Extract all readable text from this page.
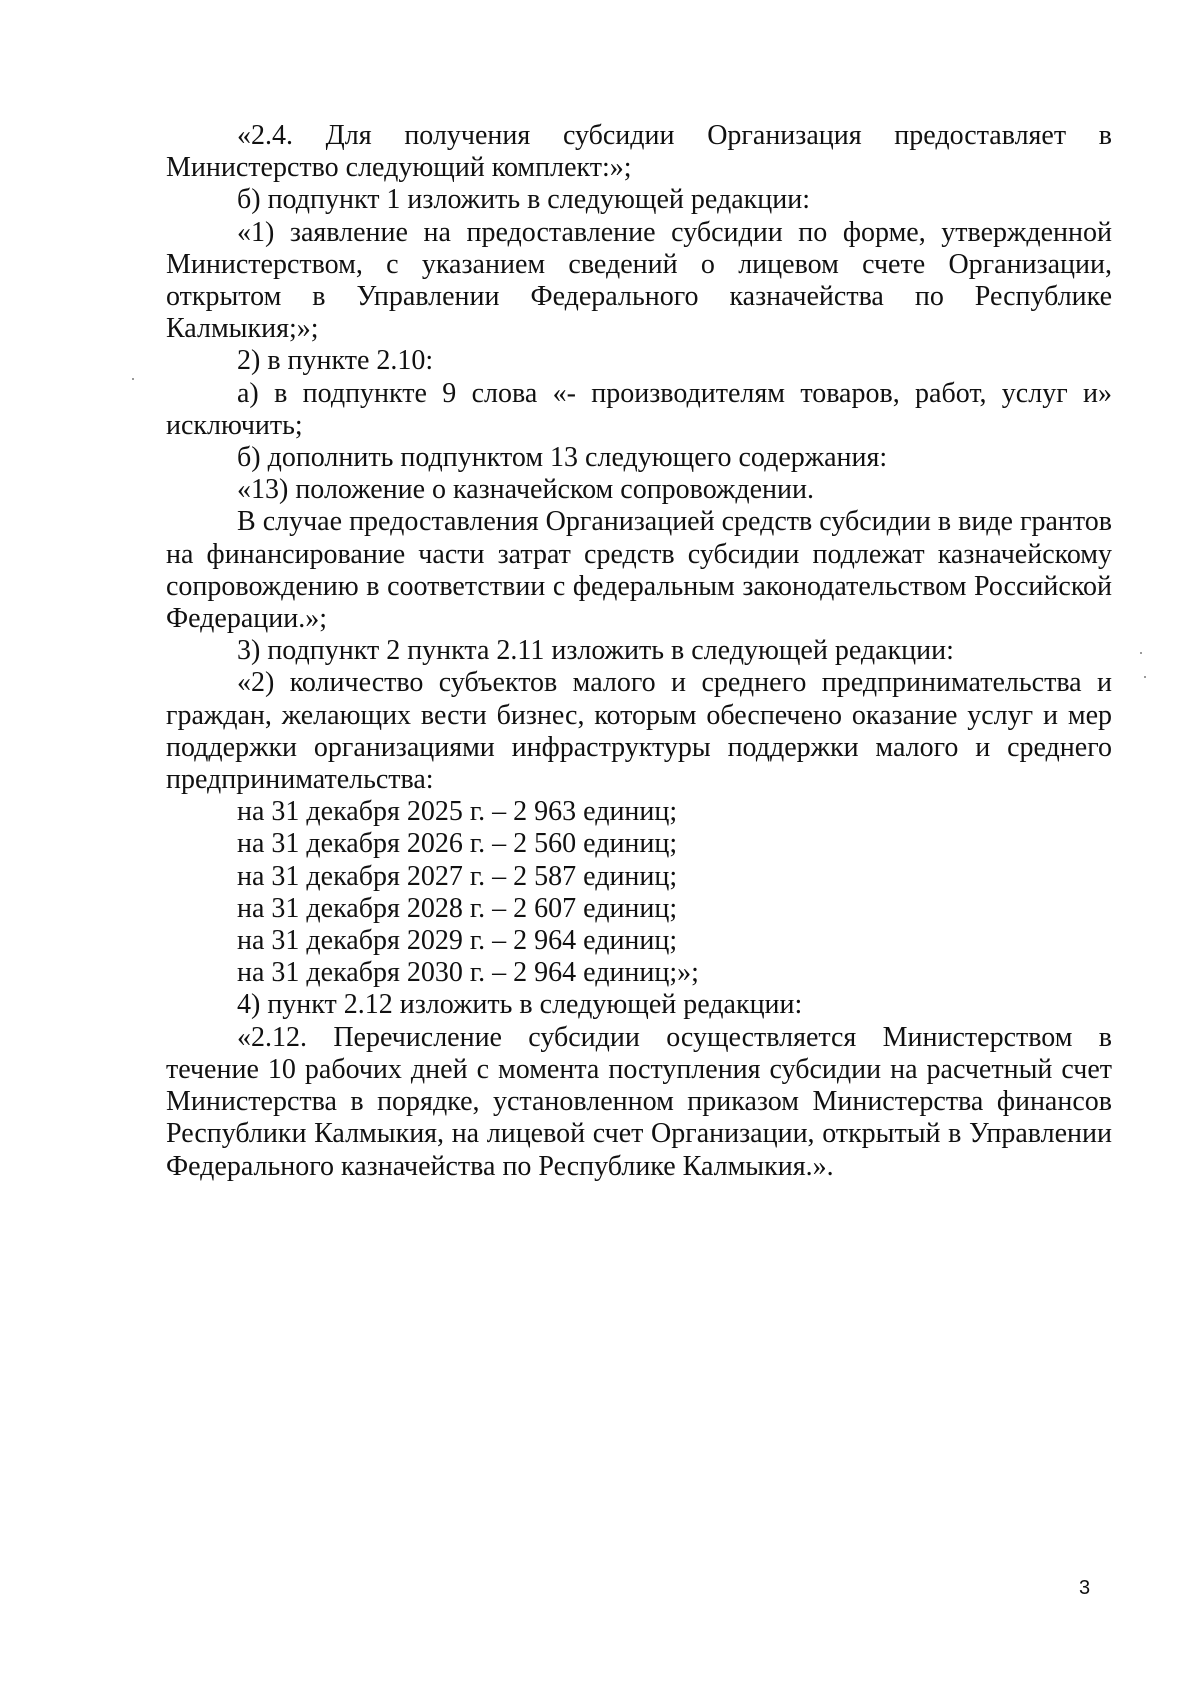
«2.4. Для получения субсидии Организация предоставляет в Министерство следующий комплект:»;

б) подпункт 1 изложить в следующей редакции:

«1) заявление на предоставление субсидии по форме, утвержденной Министерством, с указанием сведений о лицевом счете Организации, открытом в Управлении Федерального казначейства по Республике Калмыкия;»;

2) в пункте 2.10:

а) в подпункте 9 слова «- производителям товаров, работ, услуг и» исключить;

б) дополнить подпунктом 13 следующего содержания:

«13) положение о казначейском сопровождении.

В случае предоставления Организацией средств субсидии в виде грантов на финансирование части затрат средств субсидии подлежат казначейскому сопровождению в соответствии с федеральным законодательством Российской Федерации.»;

3) подпункт 2 пункта 2.11 изложить в следующей редакции:

«2) количество субъектов малого и среднего предпринимательства и граждан, желающих вести бизнес, которым обеспечено оказание услуг и мер поддержки организациями инфраструктуры поддержки малого и среднего предпринимательства:

на 31 декабря 2025 г. – 2 963 единиц;

на 31 декабря 2026 г. – 2 560 единиц;

на 31 декабря 2027 г. – 2 587 единиц;

на 31 декабря 2028 г. – 2 607 единиц;

на 31 декабря 2029 г. – 2 964 единиц;

на 31 декабря 2030 г. – 2 964 единиц;»;

4) пункт 2.12 изложить в следующей редакции:

«2.12. Перечисление субсидии осуществляется Министерством в течение 10 рабочих дней с момента поступления субсидии на расчетный счет Министерства в порядке, установленном приказом Министерства финансов Республики Калмыкия, на лицевой счет Организации, открытый в Управлении Федерального казначейства по Республике Калмыкия.».

3
